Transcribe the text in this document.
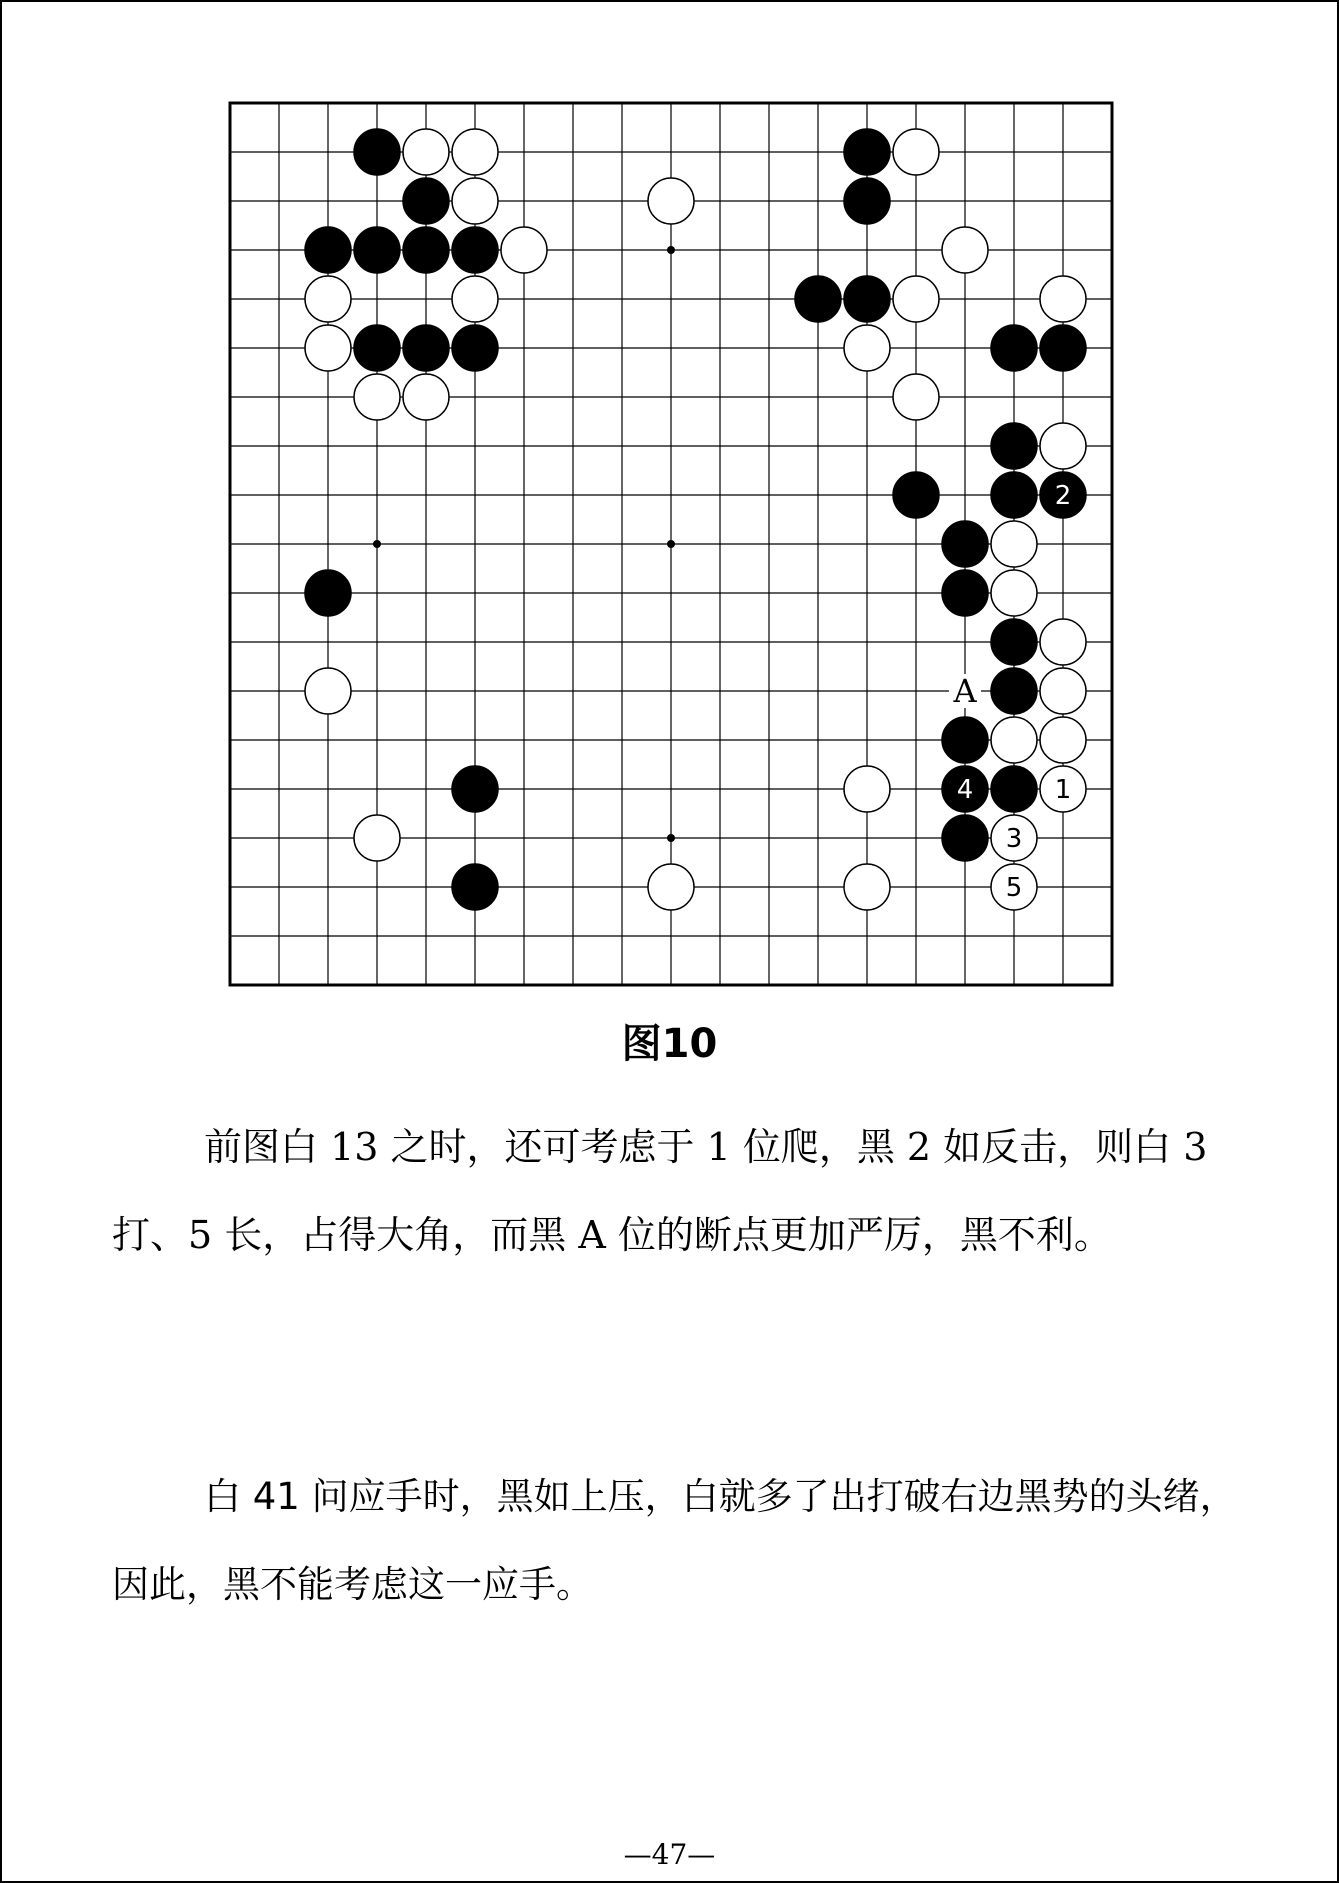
1
2
3
4
5
A
图10

前图白 13 之时，还可考虑于 1 位爬，黑 2 如反击，则白 3 打、5 长，占得大角，而黑 A 位的断点更加严厉，黑不利。

白 41 问应手时，黑如上压，白就多了出打破右边黑势的头绪，因此，黑不能考虑这一应手。

—47—
